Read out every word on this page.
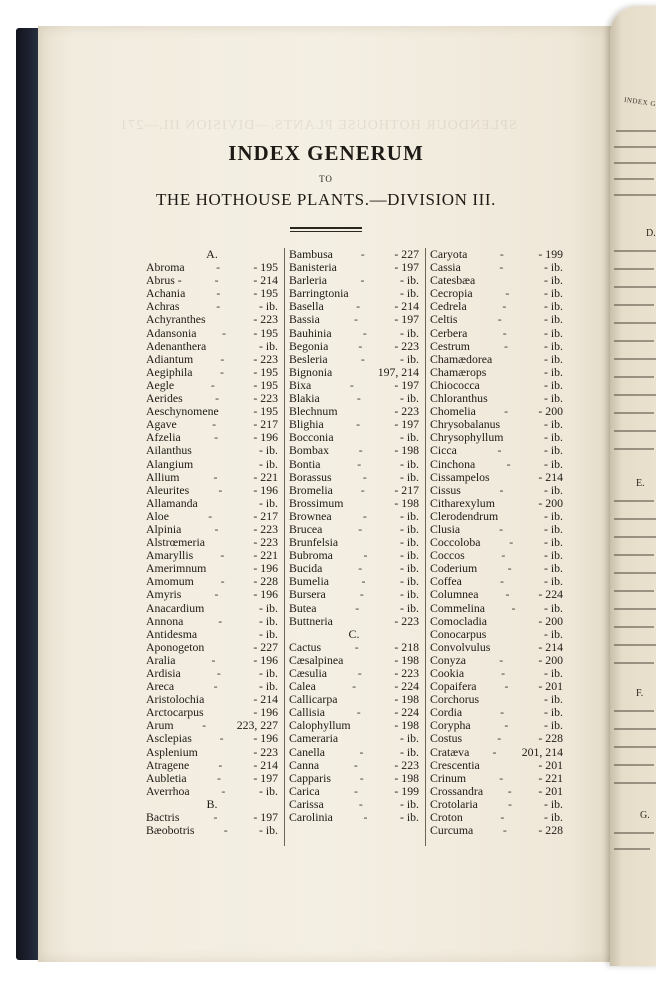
SPLENDOUR HOTHOUSE PLANTS.—DIVISION III.—271
INDEX GENERUM
TO
THE HOTHOUSE PLANTS.—DIVISION III.
A.
Abroma	-	- 195
Abrus -	-	- 214
Achania	-	- 195
Achras	-	- ib.
Achyranthes	- 223
Adansonia	-	- 195
Adenanthera	- ib.
Adiantum	-	- 223
Aegiphila	-	- 195
Aegle	-	- 195
Aerides	-	- 223
Aeschynomene	- 195
Agave	-	- 217
Afzelia	-	- 196
Ailanthus	- ib.
Alangium	- ib.
Allium	-	- 221
Aleurites	-	- 196
Allamanda	- ib.
Aloe	-	- 217
Alpinia	-	- 223
Alstrœmeria	- 223
Amaryllis	-	- 221
Amerimnum	- 196
Amomum	-	- 228
Amyris	-	- 196
Anacardium	- ib.
Annona	-	- ib.
Antidesma	- ib.
Aponogeton	- 227
Aralia	-	- 196
Ardisia	-	- ib.
Areca	-	- ib.
Aristolochia	- 214
Arctocarpus	- 196
Arum	-	223, 227
Asclepias	-	- 196
Asplenium	- 223
Atragene	-	- 214
Aubletia	-	- 197
Averrhoa	-	- ib.
B.
Bactris	-	- 197
Bæobotris	-	- ib.
Bambusa	-	- 227
Banisteria	- 197
Barleria	-	- ib.
Barringtonia	- ib.
Basella	-	- 214
Bassia	-	- 197
Bauhinia	-	- ib.
Begonia	-	- 223
Besleria	-	- ib.
Bignonia	197, 214
Bixa	-	- 197
Blakia	-	- ib.
Blechnum	- 223
Blighia	-	- 197
Bocconia	- ib.
Bombax	-	- 198
Bontia	-	- ib.
Borassus	-	- ib.
Bromelia	-	- 217
Brossimum	- 198
Brownea	-	- ib.
Brucea	-	- ib.
Brunfelsia	- ib.
Bubroma	-	- ib.
Bucida	-	- ib.
Bumelia	-	- ib.
Bursera	-	- ib.
Butea	-	- ib.
Buttneria	- 223
C.
Cactus	-	- 218
Cæsalpinea	- 198
Cæsulia	-	- 223
Calea	-	- 224
Callicarpa	- 198
Callisia	-	- 224
Calophyllum	- 198
Cameraria	- ib.
Canella	-	- ib.
Canna	-	- 223
Capparis	-	- 198
Carica	-	- 199
Carissa	-	- ib.
Carolinia	-	- ib.
Caryota	-	- 199
Cassia	-	- ib.
Catesbæa	- ib.
Cecropia	-	- ib.
Cedrela	-	- ib.
Celtis	-	- ib.
Cerbera	-	- ib.
Cestrum	-	- ib.
Chamædorea	- ib.
Chamærops	- ib.
Chiococca	- ib.
Chloranthus	- ib.
Chomelia	-	- 200
Chrysobalanus	- ib.
Chrysophyllum	- ib.
Cicca	-	- ib.
Cinchona	-	- ib.
Cissampelos	- 214
Cissus	-	- ib.
Citharexylum	- 200
Clerodendrum	- ib.
Clusia	-	- ib.
Coccoloba	-	- ib.
Coccos	-	- ib.
Coderium	-	- ib.
Coffea	-	- ib.
Columnea	-	- 224
Commelina	-	- ib.
Comocladia	- 200
Conocarpus	- ib.
Convolvulus	- 214
Conyza	-	- 200
Cookia	-	- ib.
Copaifera	-	- 201
Corchorus	- ib.
Cordia	-	- ib.
Corypha	-	- ib.
Costus	-	- 228
Cratæva	-	201, 214
Crescentia	- 201
Crinum	-	- 221
Crossandra	-	- 201
Crotolaria	-	- ib.
Croton	-	- ib.
Curcuma	-	- 228
INDEX G
D.
E.
F.
G.
